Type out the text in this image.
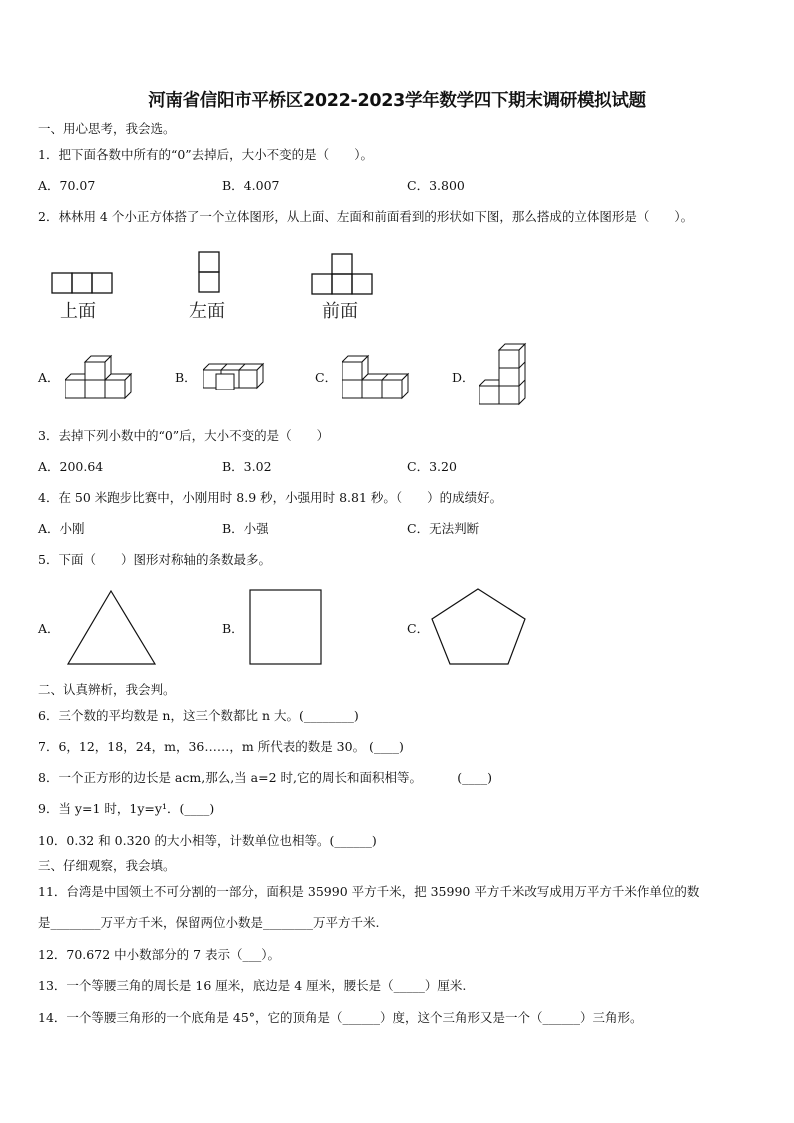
河南省信阳市平桥区2022-2023学年数学四下期末调研模拟试题
一、用心思考，我会选。
1．把下面各数中所有的“0”去掉后，大小不变的是（　　）。
A．70.07	B．4.007	C．3.800
2．林林用 4 个小正方体搭了一个立体图形，从上面、左面和前面看到的形状如下图，那么搭成的立体图形是（　　）。
上面	左面	前面
A．	B．	C．	D．
3．去掉下列小数中的“0”后，大小不变的是（　　）
A．200.64	B．3.02	C．3.20
4．在 50 米跑步比赛中，小刚用时 8.9 秒，小强用时 8.81 秒。（　　）的成绩好。
A．小刚	B．小强	C．无法判断
5．下面（　　）图形对称轴的条数最多。
A．	B．	C．
二、认真辨析，我会判。
6．三个数的平均数是 n，这三个数都比 n 大。(________)
7．6，12，18，24，m，36……，m 所代表的数是 30。 (____)
8．一个正方形的边长是 acm,那么,当 a=2 时,它的周长和面积相等。　　　 (____)
9．当 y=1 时，1y=y¹．(____)
10．0.32 和 0.320 的大小相等，计数单位也相等。(______)
三、仔细观察，我会填。
11．台湾是中国领土不可分割的一部分，面积是 35990 平方千米，把 35990 平方千米改写成用万平方千米作单位的数
是________万平方千米，保留两位小数是________万平方千米.
12．70.672 中小数部分的 7 表示（___）。
13．一个等腰三角的周长是 16 厘米，底边是 4 厘米，腰长是（_____）厘米.
14．一个等腰三角形的一个底角是 45°，它的顶角是（______）度，这个三角形又是一个（______）三角形。
